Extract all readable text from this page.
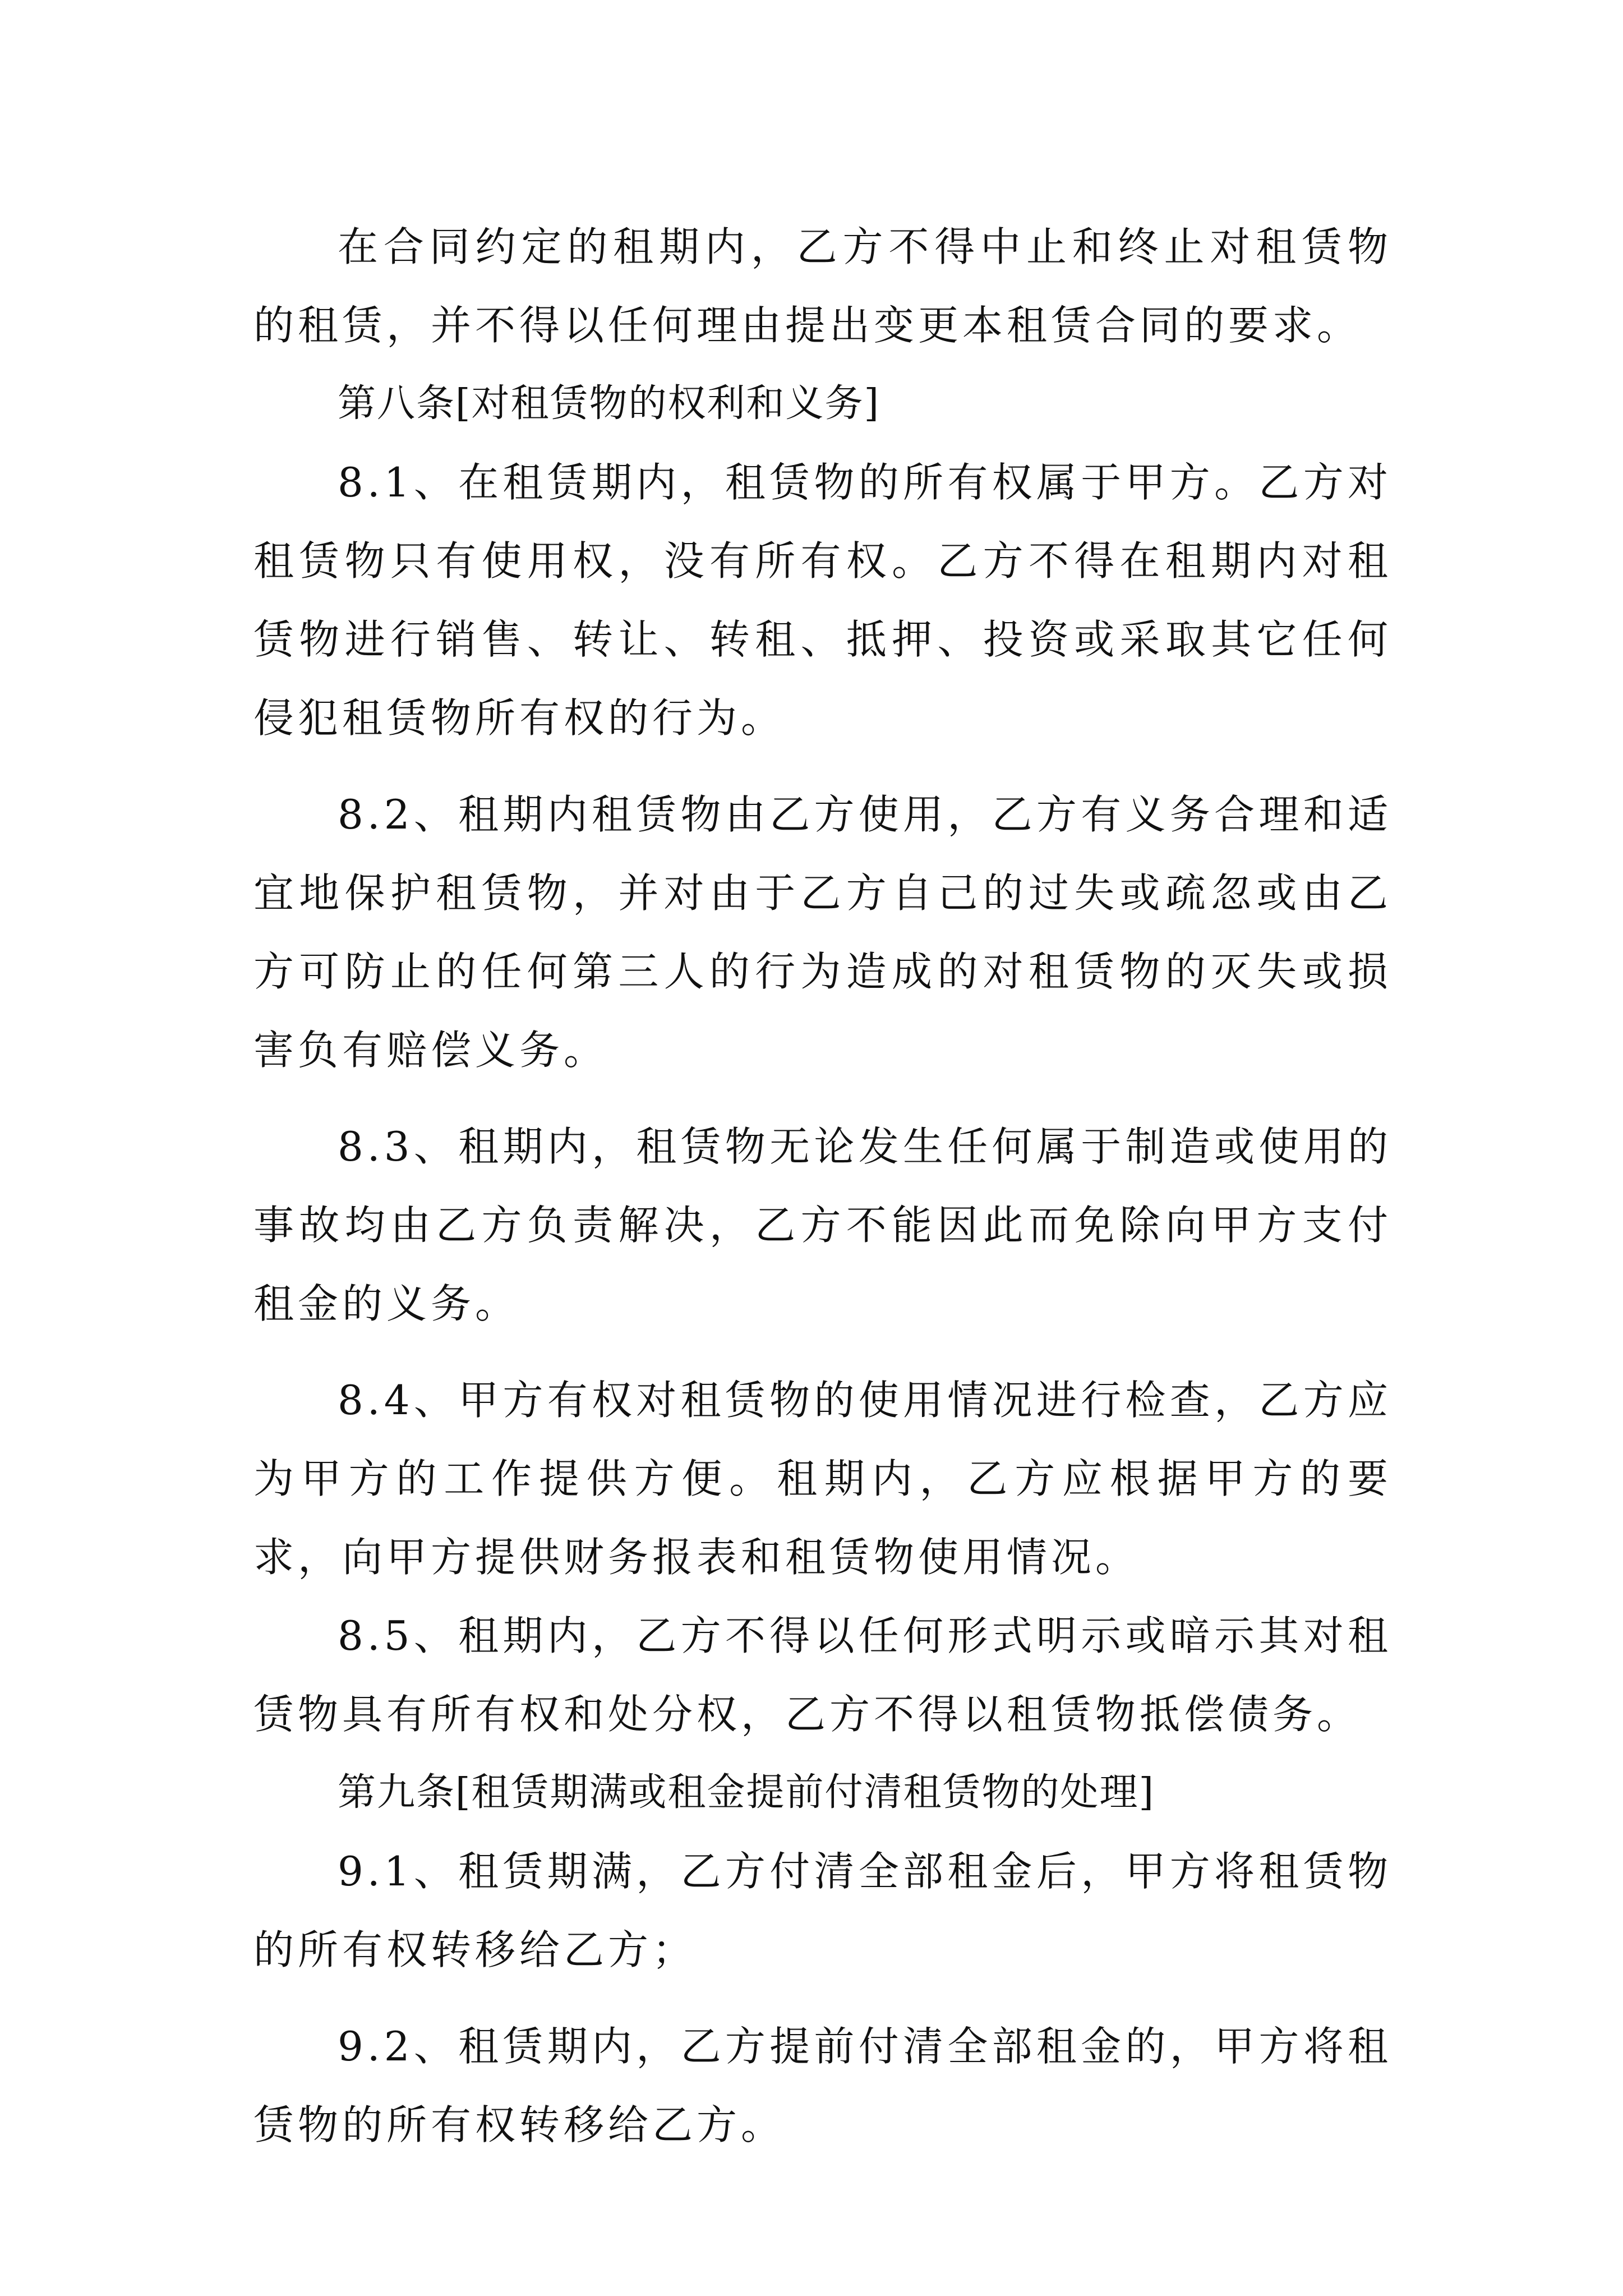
在合同约定的租期内，乙方不得中止和终止对租赁物的租赁，并不得以任何理由提出变更本租赁合同的要求。

第八条[对租赁物的权利和义务]

8.1、在租赁期内，租赁物的所有权属于甲方。乙方对租赁物只有使用权，没有所有权。乙方不得在租期内对租赁物进行销售、转让、转租、抵押、投资或采取其它任何侵犯租赁物所有权的行为。

8.2、租期内租赁物由乙方使用，乙方有义务合理和适宜地保护租赁物，并对由于乙方自己的过失或疏忽或由乙方可防止的任何第三人的行为造成的对租赁物的灭失或损害负有赔偿义务。

8.3、租期内，租赁物无论发生任何属于制造或使用的事故均由乙方负责解决，乙方不能因此而免除向甲方支付租金的义务。

8.4、甲方有权对租赁物的使用情况进行检查，乙方应为甲方的工作提供方便。租期内，乙方应根据甲方的要求，向甲方提供财务报表和租赁物使用情况。

8.5、租期内，乙方不得以任何形式明示或暗示其对租赁物具有所有权和处分权，乙方不得以租赁物抵偿债务。

第九条[租赁期满或租金提前付清租赁物的处理]

9.1、租赁期满，乙方付清全部租金后，甲方将租赁物的所有权转移给乙方；

9.2、租赁期内，乙方提前付清全部租金的，甲方将租赁物的所有权转移给乙方。
